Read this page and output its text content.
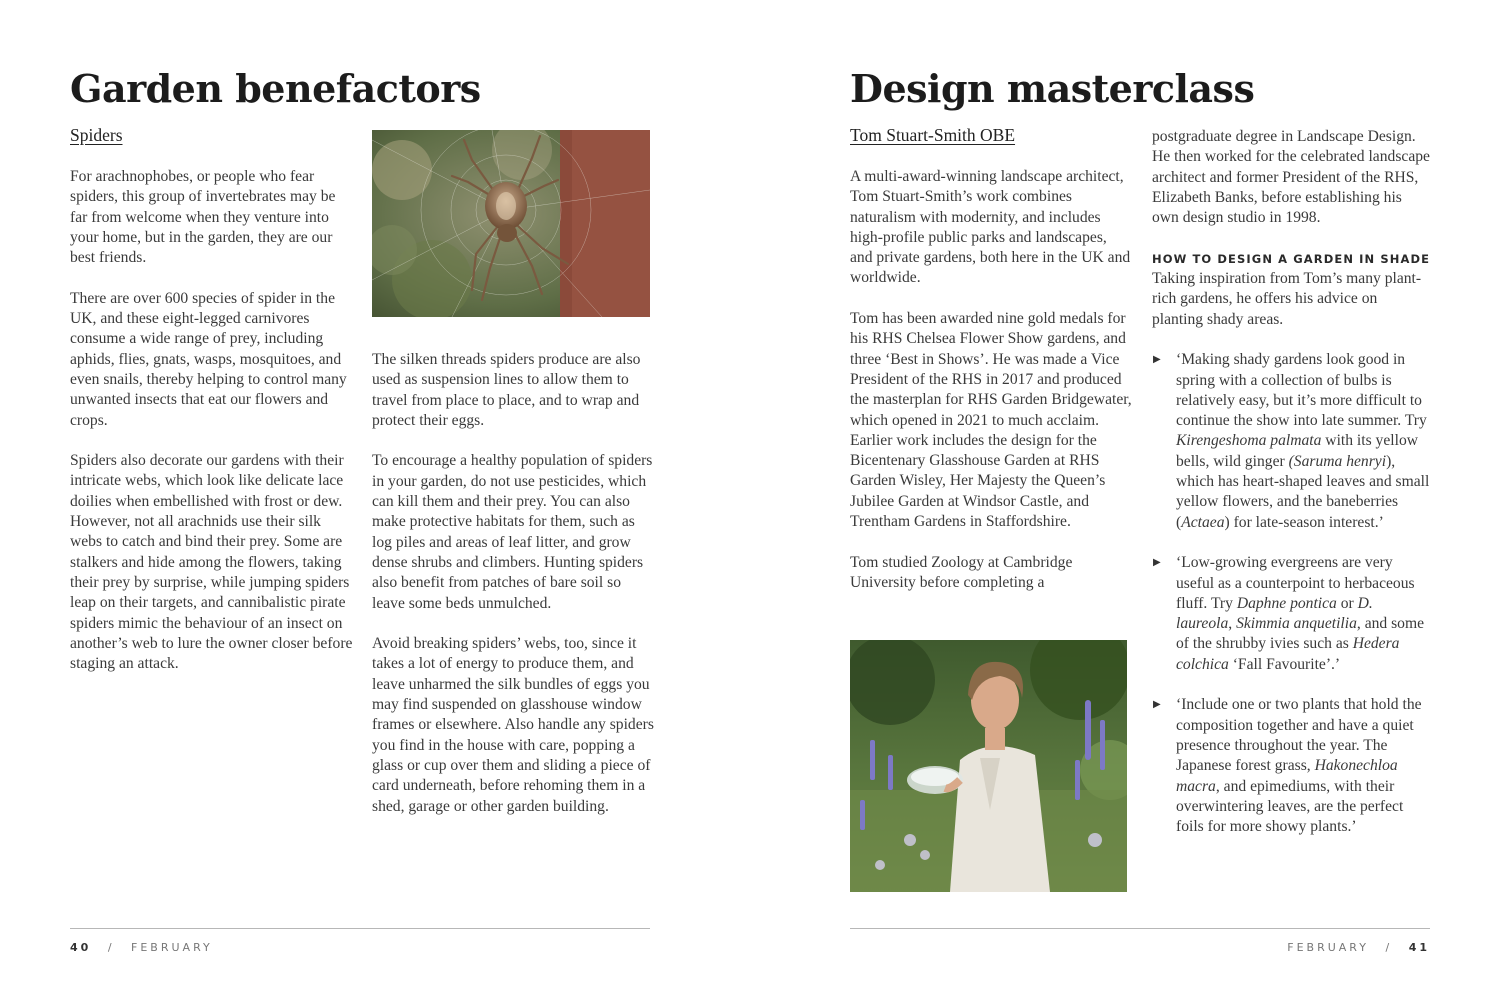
Garden benefactors
Spiders

For arachnophobes, or people who fear spiders, this group of invertebrates may be far from welcome when they venture into your home, but in the garden, they are our best friends.

There are over 600 species of spider in the UK, and these eight-legged carnivores consume a wide range of prey, including aphids, flies, gnats, wasps, mosquitoes, and even snails, thereby helping to control many unwanted insects that eat our flowers and crops.

Spiders also decorate our gardens with their intricate webs, which look like delicate lace doilies when embellished with frost or dew. However, not all arachnids use their silk webs to catch and bind their prey. Some are stalkers and hide among the flowers, taking their prey by surprise, while jumping spiders leap on their targets, and cannibalistic pirate spiders mimic the behaviour of an insect on another’s web to lure the owner closer before staging an attack.

The silken threads spiders produce are also used as suspension lines to allow them to travel from place to place, and to wrap and protect their eggs.

To encourage a healthy population of spiders in your garden, do not use pesticides, which can kill them and their prey. You can also make protective habitats for them, such as log piles and areas of leaf litter, and grow dense shrubs and climbers. Hunting spiders also benefit from patches of bare soil so leave some beds unmulched.

Avoid breaking spiders’ webs, too, since it takes a lot of energy to produce them, and leave unharmed the silk bundles of eggs you may find suspended on glasshouse window frames or elsewhere. Also handle any spiders you find in the house with care, popping a glass or cup over them and sliding a piece of card underneath, before rehoming them in a shed, garage or other garden building.

40 / FEBRUARY
Design masterclass
Tom Stuart-Smith OBE

A multi-award-winning landscape architect, Tom Stuart-Smith’s work combines naturalism with modernity, and includes high-profile public parks and landscapes, and private gardens, both here in the UK and worldwide.

Tom has been awarded nine gold medals for his RHS Chelsea Flower Show gardens, and three ‘Best in Shows’. He was made a Vice President of the RHS in 2017 and produced the masterplan for RHS Garden Bridgewater, which opened in 2021 to much acclaim. Earlier work includes the design for the Bicentenary Glasshouse Garden at RHS Garden Wisley, Her Majesty the Queen’s Jubilee Garden at Windsor Castle, and Trentham Gardens in Staffordshire.

Tom studied Zoology at Cambridge University before completing a

postgraduate degree in Landscape Design. He then worked for the celebrated landscape architect and former President of the RHS, Elizabeth Banks, before establishing his own design studio in 1998.

HOW TO DESIGN A GARDEN IN SHADE

Taking inspiration from Tom’s many plant-rich gardens, he offers his advice on planting shady areas.

▶ ‘Making shady gardens look good in spring with a collection of bulbs is relatively easy, but it’s more difficult to continue the show into late summer. Try Kirengeshoma palmata with its yellow bells, wild ginger (Saruma henryi), which has heart-shaped leaves and small yellow flowers, and the baneberries (Actaea) for late-season interest.’
▶ ‘Low-growing evergreens are very useful as a counterpoint to herbaceous fluff. Try Daphne pontica or D. laureola, Skimmia anquetilia, and some of the shrubby ivies such as Hedera colchica ‘Fall Favourite’.’
▶ ‘Include one or two plants that hold the composition together and have a quiet presence throughout the year. The Japanese forest grass, Hakonechloa macra, and epimediums, with their overwintering leaves, are the perfect foils for more showy plants.’
FEBRUARY / 41
